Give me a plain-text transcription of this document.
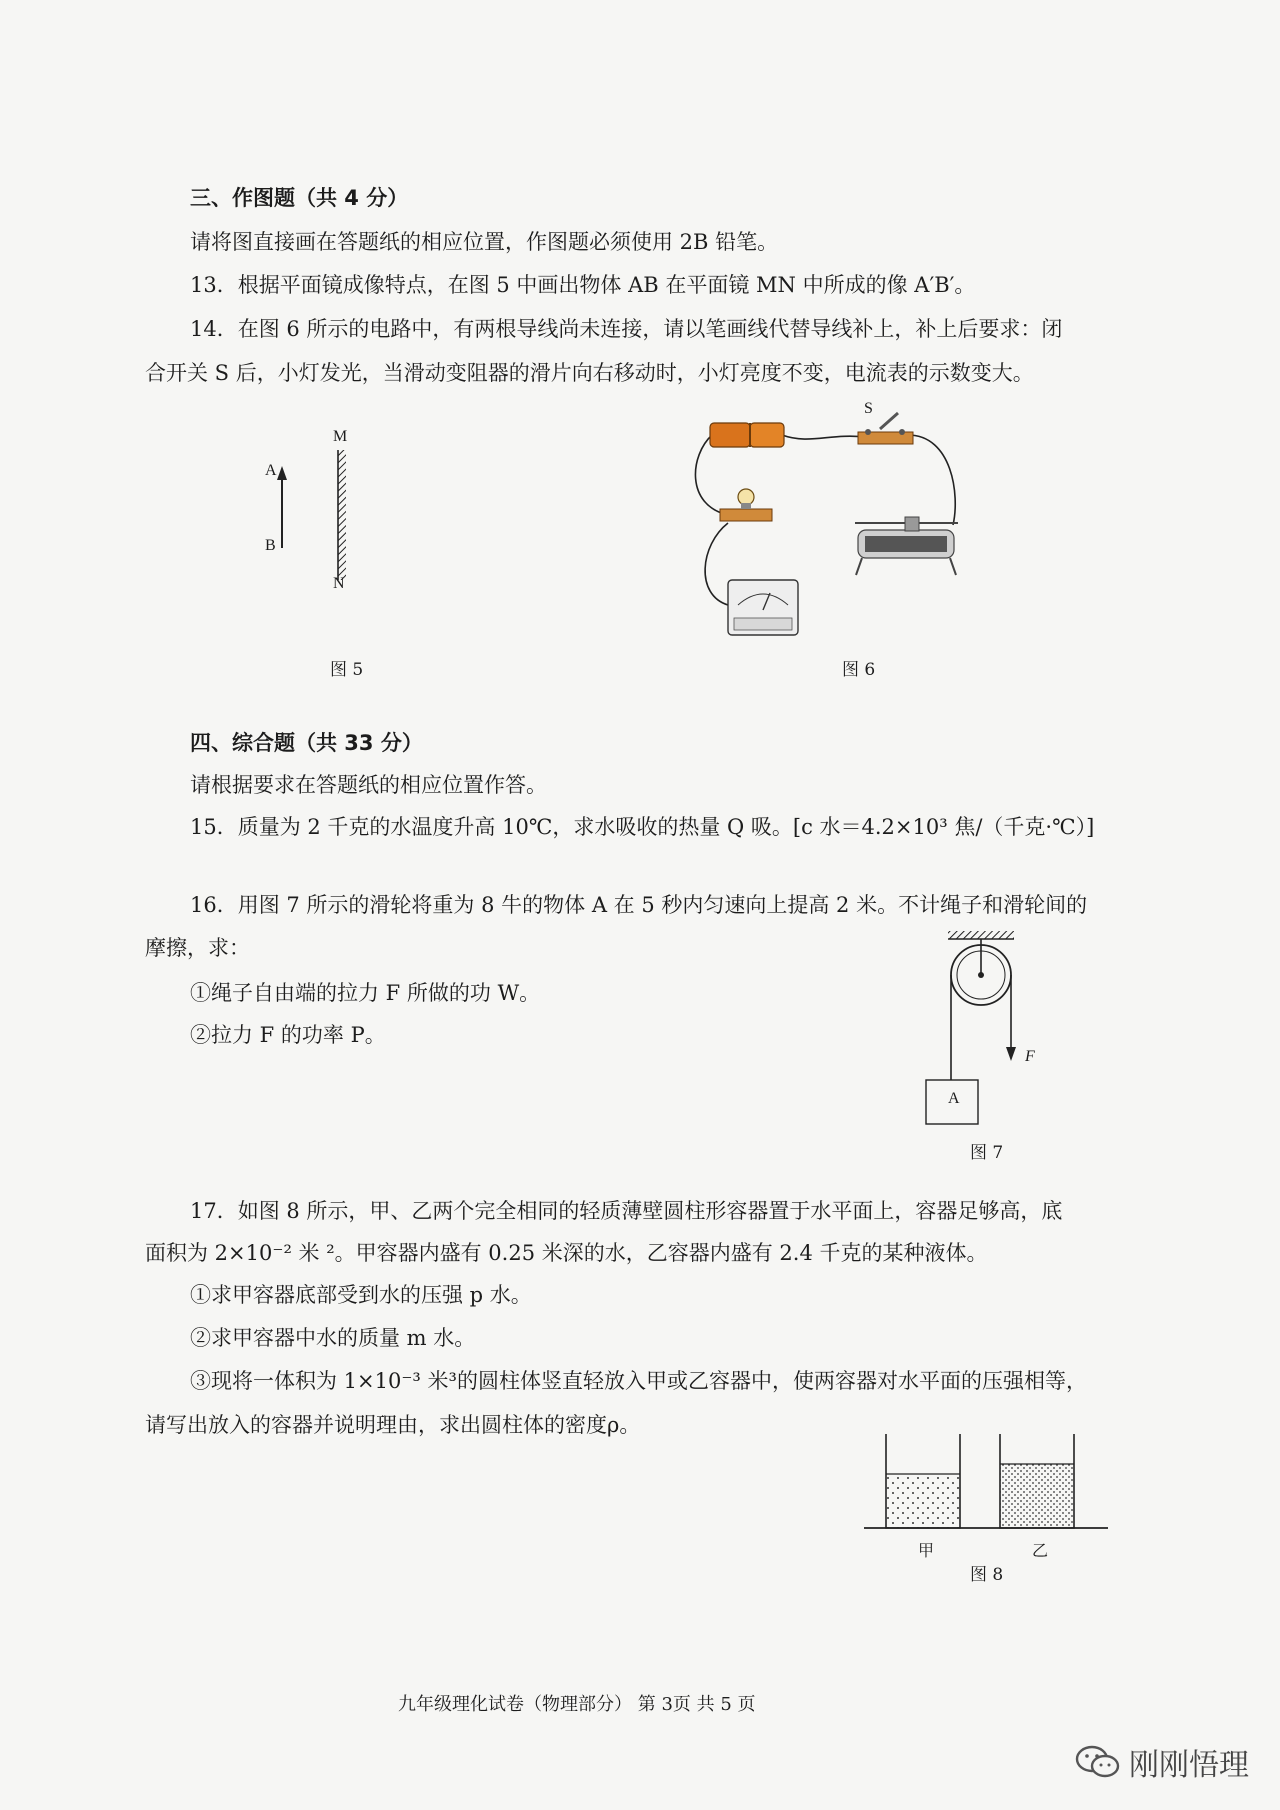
三、作图题（共 4 分）
请将图直接画在答题纸的相应位置，作图题必须使用 2B 铅笔。
13．根据平面镜成像特点，在图 5 中画出物体 AB 在平面镜 MN 中所成的像 A′B′。
14．在图 6 所示的电路中，有两根导线尚未连接，请以笔画线代替导线补上，补上后要求：闭
合开关 S 后，小灯发光，当滑动变阻器的滑片向右移动时，小灯亮度不变，电流表的示数变大。
A
B
M
N
图 5
S
图 6
四、综合题（共 33 分）
请根据要求在答题纸的相应位置作答。
15．质量为 2 千克的水温度升高 10℃，求水吸收的热量 Q 吸。[c 水＝4.2×10³ 焦/（千克·℃）]
16．用图 7 所示的滑轮将重为 8 牛的物体 A 在 5 秒内匀速向上提高 2 米。不计绳子和滑轮间的
摩擦，求：
①绳子自由端的拉力 F 所做的功 W。
②拉力 F 的功率 P。
A
F
图 7
17．如图 8 所示，甲、乙两个完全相同的轻质薄壁圆柱形容器置于水平面上，容器足够高，底
面积为 2×10⁻² 米 ²。甲容器内盛有 0.25 米深的水，乙容器内盛有 2.4 千克的某种液体。
①求甲容器底部受到水的压强 p 水。
②求甲容器中水的质量 m 水。
③现将一体积为 1×10⁻³ 米³的圆柱体竖直轻放入甲或乙容器中，使两容器对水平面的压强相等，
请写出放入的容器并说明理由，求出圆柱体的密度ρ。
甲	乙
图 8
九年级理化试卷（物理部分） 第 3页 共 5 页
刚刚悟理
